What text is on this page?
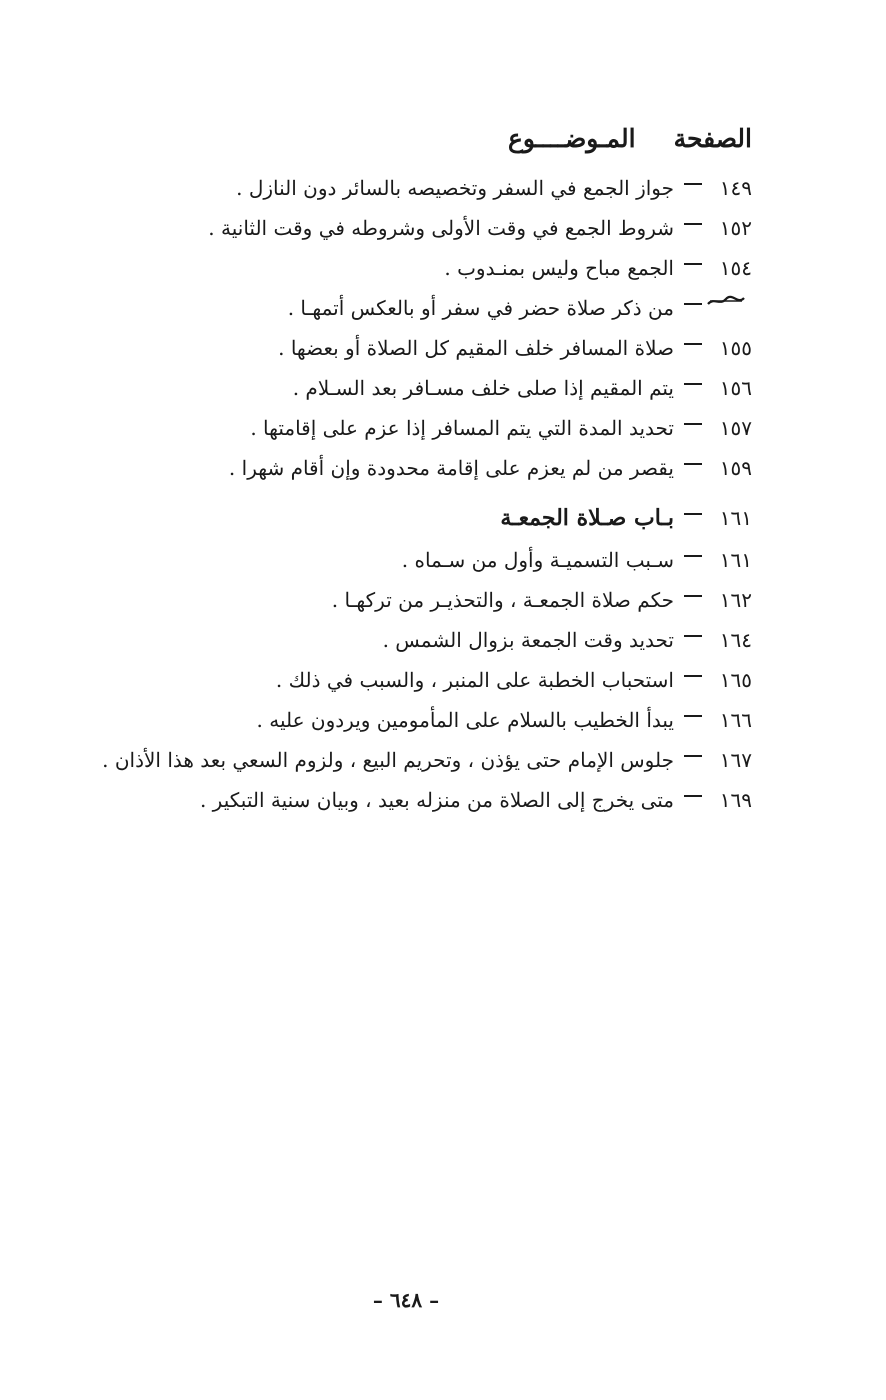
الصفحة
المـوضــــوع
١٤٩
جواز الجمع في السفر وتخصيصه بالسائر دون النازل .
١٥٢
شروط الجمع في وقت الأولى وشروطه في وقت الثانية .
١٥٤
الجمع مباح وليس بمنـدوب .
من ذكر صلاة حضر في سفر أو بالعكس أتمهـا .
١٥٥
صلاة المسافر خلف المقيم كل الصلاة أو بعضها .
١٥٦
يتم المقيم إذا صلى خلف مسـافر بعد السـلام .
١٥٧
تحديد المدة التي يتم المسافر إذا عزم على إقامتها .
١٥٩
يقصر من لم يعزم على إقامة محدودة وإن أقام شهرا .
١٦١
بـاب صـلاة الجمعـة
١٦١
سـبب التسميـة وأول من سـماه .
١٦٢
حكم صلاة الجمعـة ، والتحذيـر من تركهـا .
١٦٤
تحديد وقت الجمعة بزوال الشمس .
١٦٥
استحباب الخطبة على المنبر ، والسبب في ذلك .
١٦٦
يبدأ الخطيب بالسلام على المأمومين ويردون عليه .
١٦٧
جلوس الإمام حتى يؤذن ، وتحريم البيع ، ولزوم السعي بعد هذا الأذان .
١٦٩
متى يخرج إلى الصلاة من منزله بعيد ، وبيان سنية التبكير .
– ٦٤٨ –
